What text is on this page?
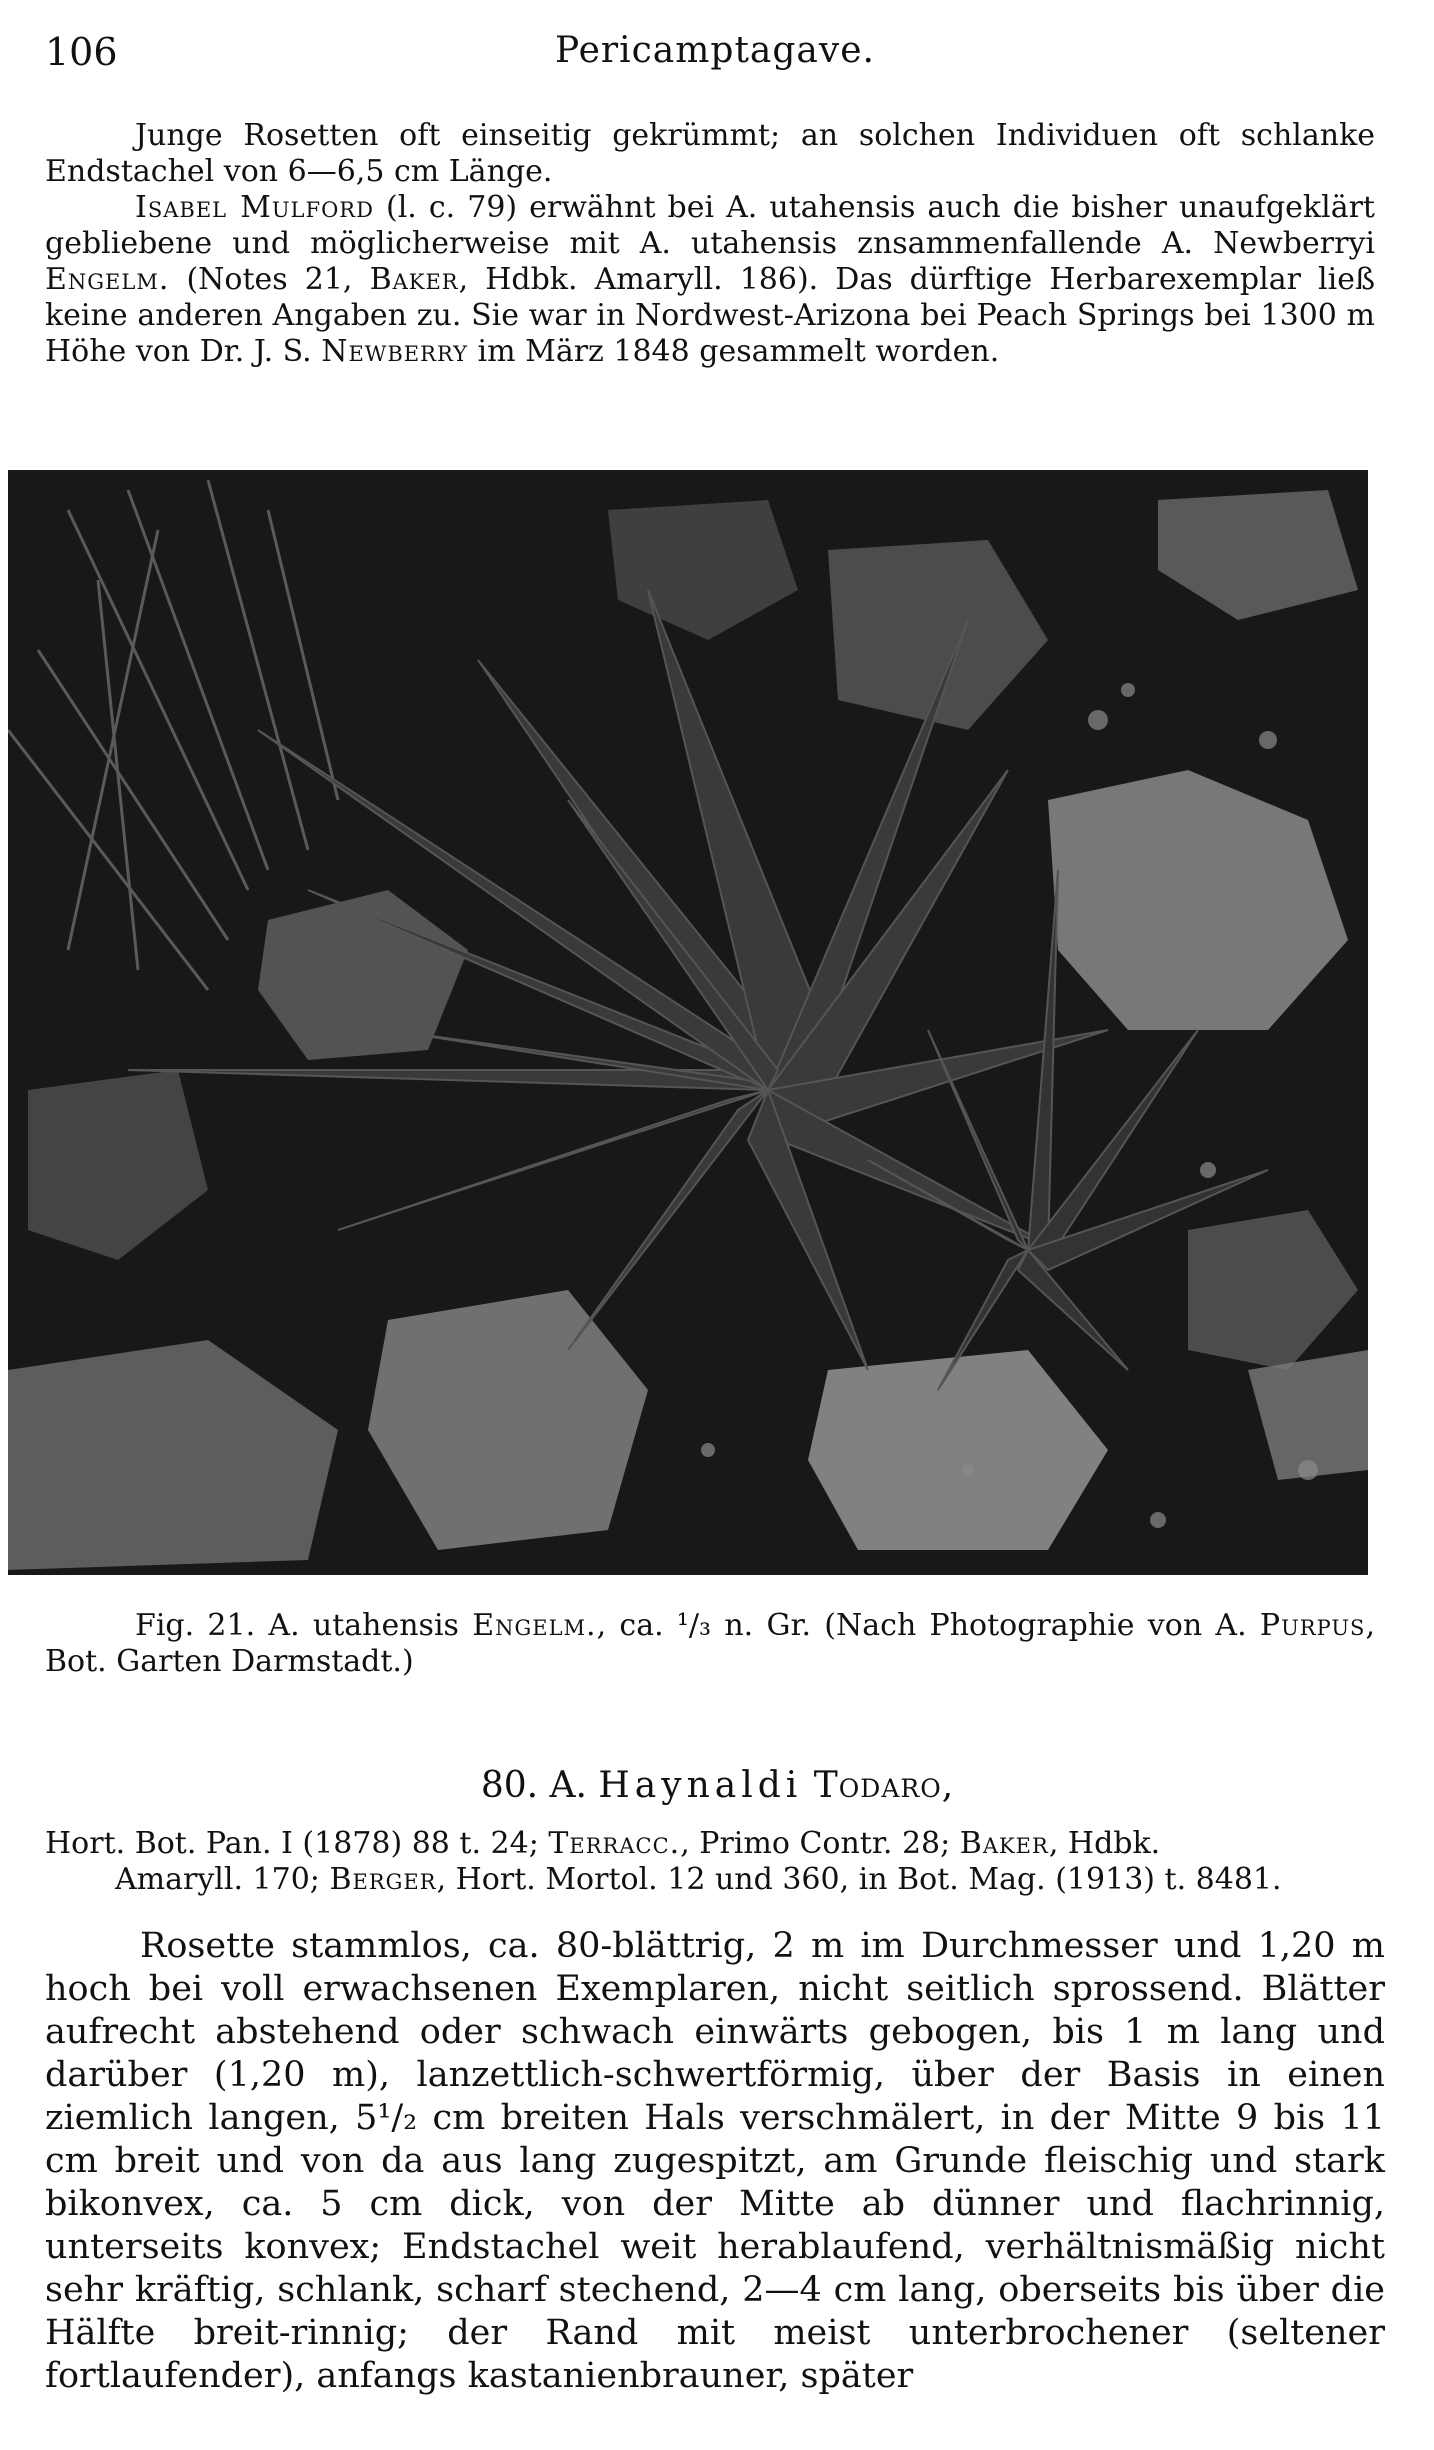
106	Pericamptagave.

Junge Rosetten oft einseitig gekrümmt; an solchen Individuen oft schlanke Endstachel von 6—6,5 cm Länge.

Isabel Mulford (l. c. 79) erwähnt bei A. utahensis auch die bisher unaufgeklärt gebliebene und möglicherweise mit A. utahensis znsammenfallende A. Newberryi Engelm. (Notes 21, Baker, Hdbk. Amaryll. 186). Das dürftige Herbarexemplar ließ keine anderen Angaben zu. Sie war in Nordwest-Arizona bei Peach Springs bei 1300 m Höhe von Dr. J. S. Newberry im März 1848 gesammelt worden.

Fig. 21. A. utahensis Engelm., ca. ¹/₃ n. Gr. (Nach Photographie von A. Purpus, Bot. Garten Darmstadt.)
80. A. Haynaldi Todaro,

Hort. Bot. Pan. I (1878) 88 t. 24; Terracc., Primo Contr. 28; Baker, Hdbk.

Amaryll. 170; Berger, Hort. Mortol. 12 und 360, in Bot. Mag. (1913) t. 8481.

Rosette stammlos, ca. 80-blättrig, 2 m im Durchmesser und 1,20 m hoch bei voll erwachsenen Exemplaren, nicht seitlich sprossend. Blätter aufrecht abstehend oder schwach einwärts gebogen, bis 1 m lang und darüber (1,20 m), lanzettlich-schwertförmig, über der Basis in einen ziemlich langen, 5¹/₂ cm breiten Hals verschmälert, in der Mitte 9 bis 11 cm breit und von da aus lang zugespitzt, am Grunde fleischig und stark bikonvex, ca. 5 cm dick, von der Mitte ab dünner und flachrinnig, unterseits konvex; Endstachel weit herablaufend, verhältnismäßig nicht sehr kräftig, schlank, scharf stechend, 2—4 cm lang, oberseits bis über die Hälfte breit-rinnig; der Rand mit meist unterbrochener (seltener fortlaufender), anfangs kastanienbrauner, später
